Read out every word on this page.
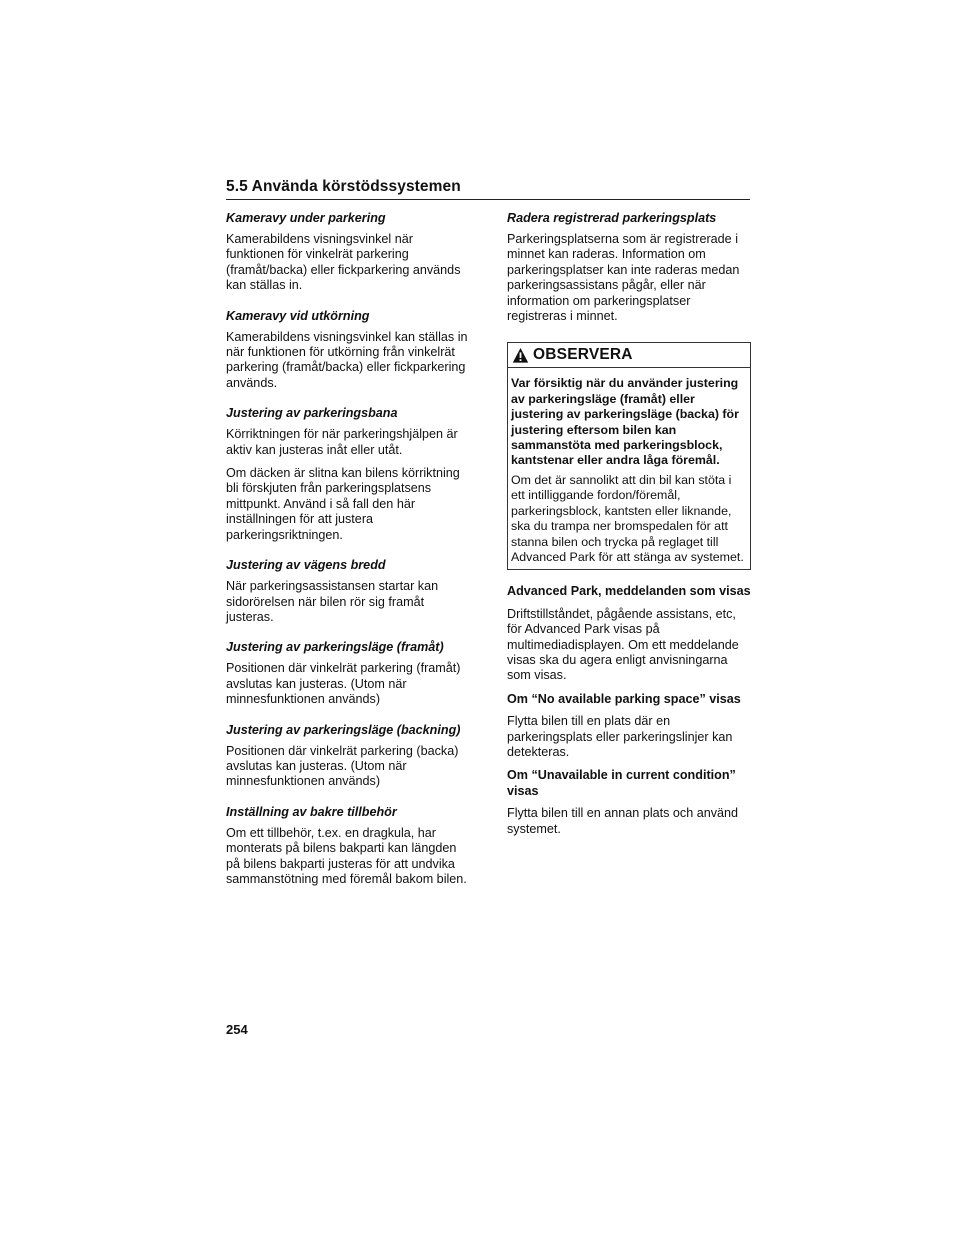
5.5 Använda körstödssystemen
Kameravy under parkering
Kamerabildens visningsvinkel när funktionen för vinkelrät parkering (framåt/backa) eller fickparkering används kan ställas in.
Kameravy vid utkörning
Kamerabildens visningsvinkel kan ställas in när funktionen för utkörning från vinkelrät parkering (framåt/backa) eller fickparkering används.
Justering av parkeringsbana
Körriktningen för när parkeringshjälpen är aktiv kan justeras inåt eller utåt.
Om däcken är slitna kan bilens körriktning bli förskjuten från parkeringsplatsens mittpunkt. Använd i så fall den här inställningen för att justera parkeringsriktningen.
Justering av vägens bredd
När parkeringsassistansen startar kan sidorörelsen när bilen rör sig framåt justeras.
Justering av parkeringsläge (framåt)
Positionen där vinkelrät parkering (framåt) avslutas kan justeras. (Utom när minnesfunktionen används)
Justering av parkeringsläge (backning)
Positionen där vinkelrät parkering (backa) avslutas kan justeras. (Utom när minnesfunktionen används)
Inställning av bakre tillbehör
Om ett tillbehör, t.ex. en dragkula, har monterats på bilens bakparti kan längden på bilens bakparti justeras för att undvika sammanstötning med föremål bakom bilen.
Radera registrerad parkeringsplats
Parkeringsplatserna som är registrerade i minnet kan raderas. Information om parkeringsplatser kan inte raderas medan parkeringsassistans pågår, eller när information om parkeringsplatser registreras i minnet.
OBSERVERA
Var försiktig när du använder justering av parkeringsläge (framåt) eller justering av parkeringsläge (backa) för justering eftersom bilen kan sammanstöta med parkeringsblock, kantstenar eller andra låga föremål.
Om det är sannolikt att din bil kan stöta i ett intilliggande fordon/föremål, parkeringsblock, kantsten eller liknande, ska du trampa ner bromspedalen för att stanna bilen och trycka på reglaget till Advanced Park för att stänga av systemet.
Advanced Park, meddelanden som visas
Driftstillståndet, pågående assistans, etc, för Advanced Park visas på multimediadisplayen. Om ett meddelande visas ska du agera enligt anvisningarna som visas.
Om “No available parking space” visas
Flytta bilen till en plats där en parkeringsplats eller parkeringslinjer kan detekteras.
Om “Unavailable in current condition” visas
Flytta bilen till en annan plats och använd systemet.
254
